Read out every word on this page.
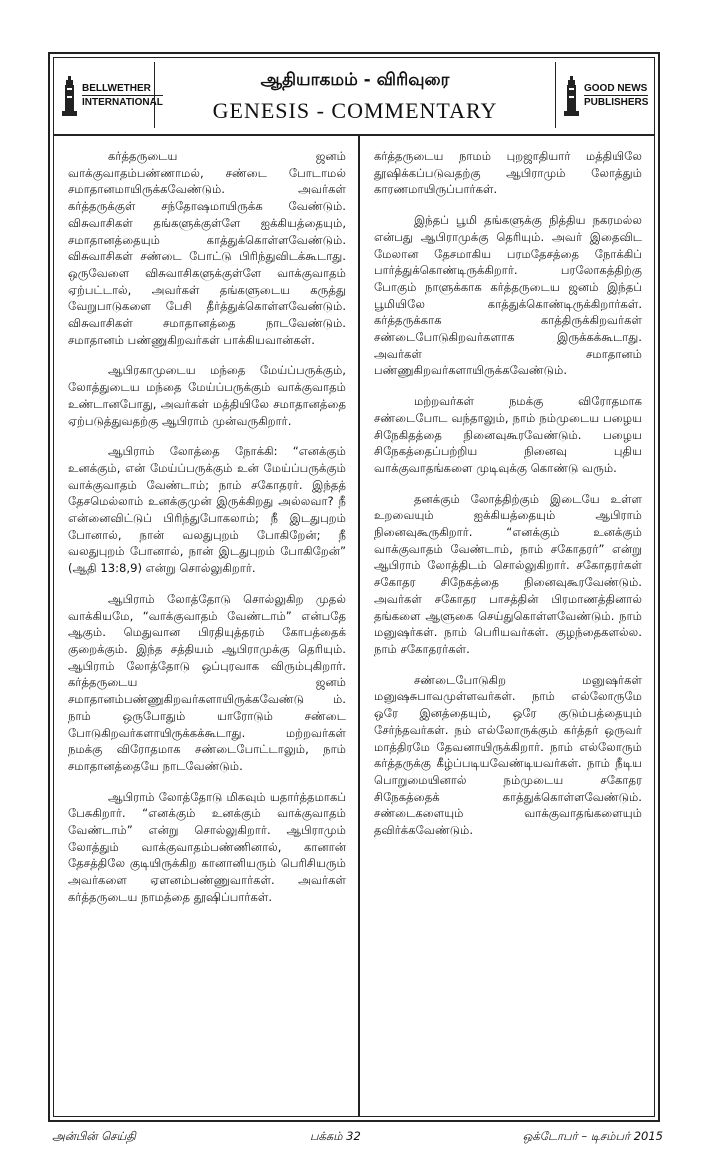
BELLWETHER
INTERNATIONAL
ஆதியாகமம் - விரிவுரை
GENESIS - COMMENTARY
GOOD NEWS
PUBLISHERS

கர்த்தருடைய ஜனம் வாக்குவாதம்பண்ணாமல், சண்டை போடாமல் சமாதானமாயிருக்கவேண்டும். அவர்கள் கர்த்தருக்குள் சந்தோஷமாயிருக்க வேண்டும். விசுவாசிகள் தங்களுக்குள்ளே ஐக்கியத்தையும், சமாதானத்தையும் காத்துக்கொள்ளவேண்டும். விசுவாசிகள் சண்டை போட்டு பிரிந்துவிடக்கூடாது. ஒருவேளை விசுவாசிகளுக்குள்ளே வாக்குவாதம் ஏற்பட்டால், அவர்கள் தங்களுடைய கருத்து வேறுபாடுகளை பேசி தீர்த்துக்கொள்ளவேண்டும். விசுவாசிகள் சமாதானத்தை நாடவேண்டும். சமாதானம் பண்ணுகிறவர்கள் பாக்கியவான்கள்.

ஆபிரகாமுடைய மந்தை மேய்ப்பருக்கும், லோத்துடைய மந்தை மேய்ப்பருக்கும் வாக்குவாதம் உண்டானபோது, அவர்கள் மத்தியிலே சமாதானத்தை ஏற்படுத்துவதற்கு ஆபிராம் முன்வருகிறார்.

ஆபிராம் லோத்தை நோக்கி: “எனக்கும் உனக்கும், என் மேய்ப்பருக்கும் உன் மேய்ப்பருக்கும் வாக்குவாதம் வேண்டாம்; நாம் சகோதரர். இந்தத் தேசமெல்லாம் உனக்குமுன் இருக்கிறது அல்லவா? நீ என்னைவிட்டுப் பிரிந்துபோகலாம்; நீ இடதுபுறம் போனால், நான் வலதுபுறம் போகிறேன்; நீ வலதுபுறம் போனால், நான் இடதுபுறம் போகிறேன்” (ஆதி 13:8,9) என்று சொல்லுகிறார்.

ஆபிராம் லோத்தோடு சொல்லுகிற முதல் வாக்கியமே, “வாக்குவாதம் வேண்டாம்” என்பதே ஆகும். மெதுவான பிரதியுத்தரம் கோபத்தைக் குறைக்கும். இந்த சத்தியம் ஆபிராமுக்கு தெரியும். ஆபிராம் லோத்தோடு ஒப்புரவாக விரும்புகிறார். கர்த்தருடைய ஜனம் சமாதானம்பண்ணுகிறவர்களாயிருக்கவேண்டு ம். நாம் ஒருபோதும் யாரோடும் சண்டை போடுகிறவர்களாயிருக்கக்கூடாது. மற்றவர்கள் நமக்கு விரோதமாக சண்டைபோட்டாலும், நாம் சமாதானத்தையே நாடவேண்டும்.

ஆபிராம் லோத்தோடு மிகவும் யதார்த்தமாகப் பேசுகிறார். “எனக்கும் உனக்கும் வாக்குவாதம் வேண்டாம்” என்று சொல்லுகிறார். ஆபிராமும் லோத்தும் வாக்குவாதம்பண்ணினால், கானான் தேசத்திலே குடியிருக்கிற கானானியரும் பெரிசியரும் அவர்களை ஏளனம்பண்ணுவார்கள். அவர்கள் கர்த்தருடைய நாமத்தை தூஷிப்பார்கள்.

கர்த்தருடைய நாமம் புறஜாதியார் மத்தியிலே தூஷிக்கப்படுவதற்கு ஆபிராமும் லோத்தும் காரணமாயிருப்பார்கள்.

இந்தப் பூமி தங்களுக்கு நித்திய நகரமல்ல என்பது ஆபிராமுக்கு தெரியும். அவர் இதைவிட மேலான தேசமாகிய பரமதேசத்தை நோக்கிப் பார்த்துக்கொண்டிருக்கிறார். பரலோகத்திற்கு போகும் நாளுக்காக கர்த்தருடைய ஜனம் இந்தப் பூமியிலே காத்துக்கொண்டிருக்கிறார்கள். கர்த்தருக்காக காத்திருக்கிறவர்கள் சண்டைபோடுகிறவர்களாக இருக்கக்கூடாது. அவர்கள் சமாதானம் பண்ணுகிறவர்களாயிருக்கவேண்டும்.

மற்றவர்கள் நமக்கு விரோதமாக சண்டைபோட வந்தாலும், நாம் நம்முடைய பழைய சிநேகிதத்தை நினைவுகூரவேண்டும். பழைய சிநேகத்தைப்பற்றிய நினைவு புதிய வாக்குவாதங்களை முடிவுக்கு கொண்டு வரும்.

தனக்கும் லோத்திற்கும் இடையே உள்ள உறவையும் ஐக்கியத்தையும் ஆபிராம் நினைவுகூருகிறார். “எனக்கும் உனக்கும் வாக்குவாதம் வேண்டாம், நாம் சகோதரர்” என்று ஆபிராம் லோத்திடம் சொல்லுகிறார். சகோதரர்கள் சகோதர சிநேகத்தை நினைவுகூரவேண்டும். அவர்கள் சகோதர பாசத்தின் பிரமாணத்தினால் தங்களை ஆளுகை செய்துகொள்ளவேண்டும். நாம் மனுஷர்கள். நாம் பெரியவர்கள். குழந்தைகளல்ல. நாம் சகோதரர்கள்.

சண்டைபோடுகிற மனுஷர்கள் மனுஷசுபாவமுள்ளவர்கள். நாம் எல்லோருமே ஒரே இனத்தையும், ஒரே குடும்பத்தையும் சேர்ந்தவர்கள். நம் எல்லோருக்கும் கர்த்தர் ஒருவர் மாத்திரமே தேவனாயிருக்கிறார். நாம் எல்லோரும் கர்த்தருக்கு கீழ்ப்படியவேண்டியவர்கள். நாம் நீடிய பொறுமையினால் நம்முடைய சகோதர சிநேகத்தைக் காத்துக்கொள்ளவேண்டும். சண்டைகளையும் வாக்குவாதங்களையும் தவிர்க்கவேண்டும்.

அன்பின் செய்தி	பக்கம் 32	ஒக்டோபர் – டிசம்பர் 2015
